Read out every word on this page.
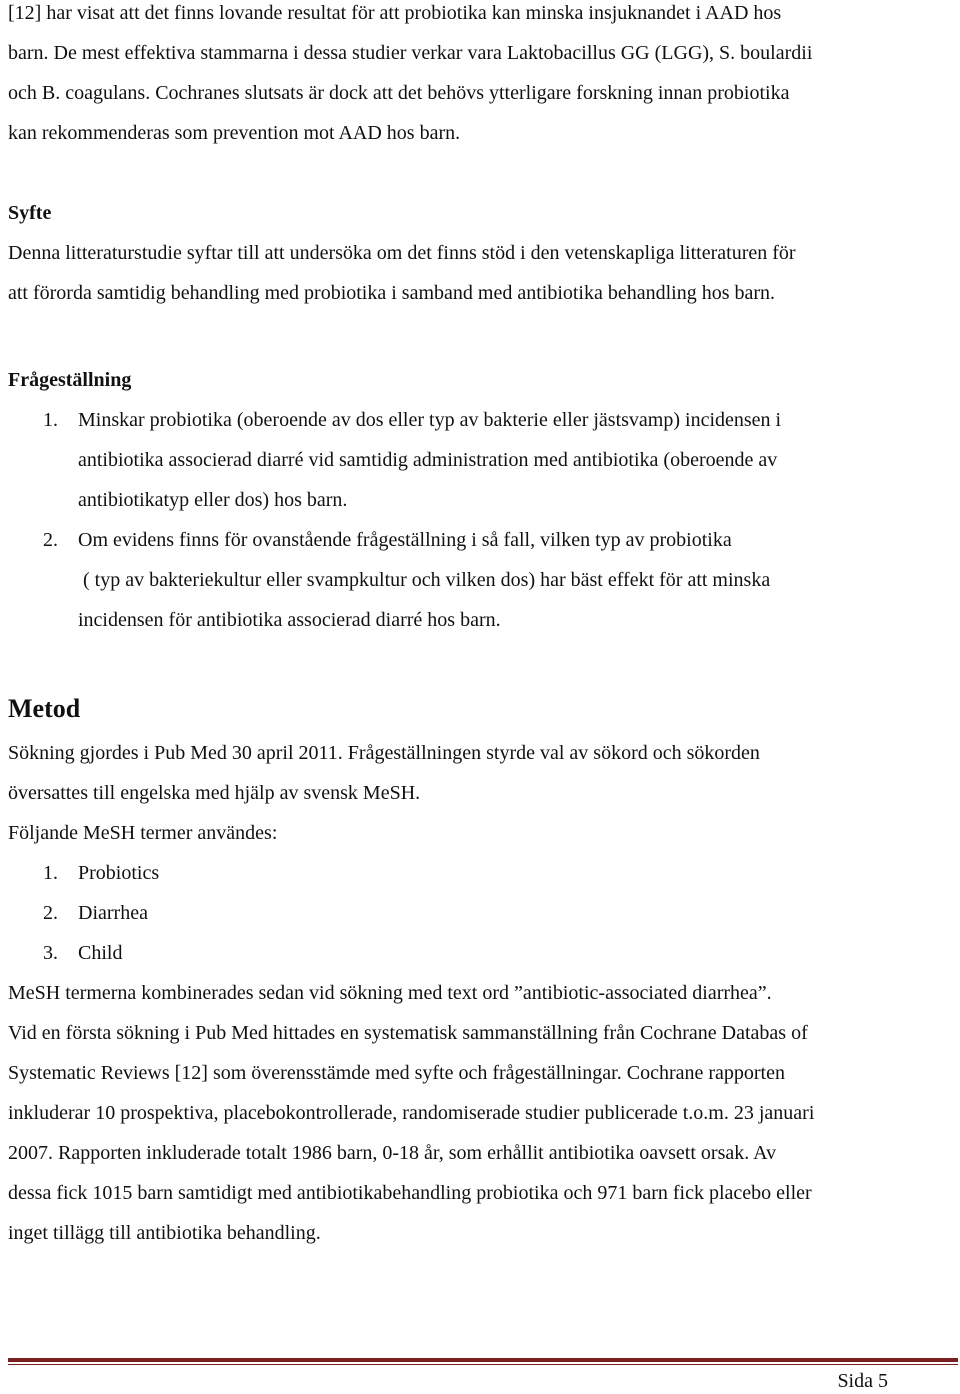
[12] har visat att det finns lovande resultat för att probiotika kan minska insjuknandet i AAD hos

barn. De mest effektiva stammarna i dessa studier verkar vara Laktobacillus GG (LGG), S. boulardii

och B. coagulans. Cochranes slutsats är dock att det behövs ytterligare forskning innan probiotika

kan rekommenderas som prevention mot AAD hos barn.

Syfte

Denna litteraturstudie syftar till att undersöka om det finns stöd i den vetenskapliga litteraturen för

att förorda samtidig behandling med probiotika i samband med antibiotika behandling hos barn.

Frågeställning

1. Minskar probiotika (oberoende av dos eller typ av bakterie eller jästsvamp) incidensen i

antibiotika associerad diarré vid samtidig administration med antibiotika (oberoende av

antibiotikatyp eller dos) hos barn.

2. Om evidens finns för ovanstående frågeställning i så fall, vilken typ av probiotika

( typ av bakteriekultur eller svampkultur och vilken dos) har bäst effekt för att minska

incidensen för antibiotika associerad diarré hos barn.

Metod

Sökning gjordes i Pub Med 30 april 2011. Frågeställningen styrde val av sökord och sökorden

översattes till engelska med hjälp av svensk MeSH.

Följande MeSH termer användes:

1. Probiotics

2. Diarrhea

3. Child

MeSH termerna kombinerades sedan vid sökning med text ord ”antibiotic-associated diarrhea”.

Vid en första sökning i Pub Med hittades en systematisk sammanställning från Cochrane Databas of

Systematic Reviews [12] som överensstämde med syfte och frågeställningar. Cochrane rapporten

inkluderar 10 prospektiva, placebokontrollerade, randomiserade studier publicerade t.o.m. 23 januari

2007. Rapporten inkluderade totalt 1986 barn, 0-18 år, som erhållit antibiotika oavsett orsak. Av

dessa fick 1015 barn samtidigt med antibiotikabehandling probiotika och 971 barn fick placebo eller

inget tillägg till antibiotika behandling.

Sida 5
